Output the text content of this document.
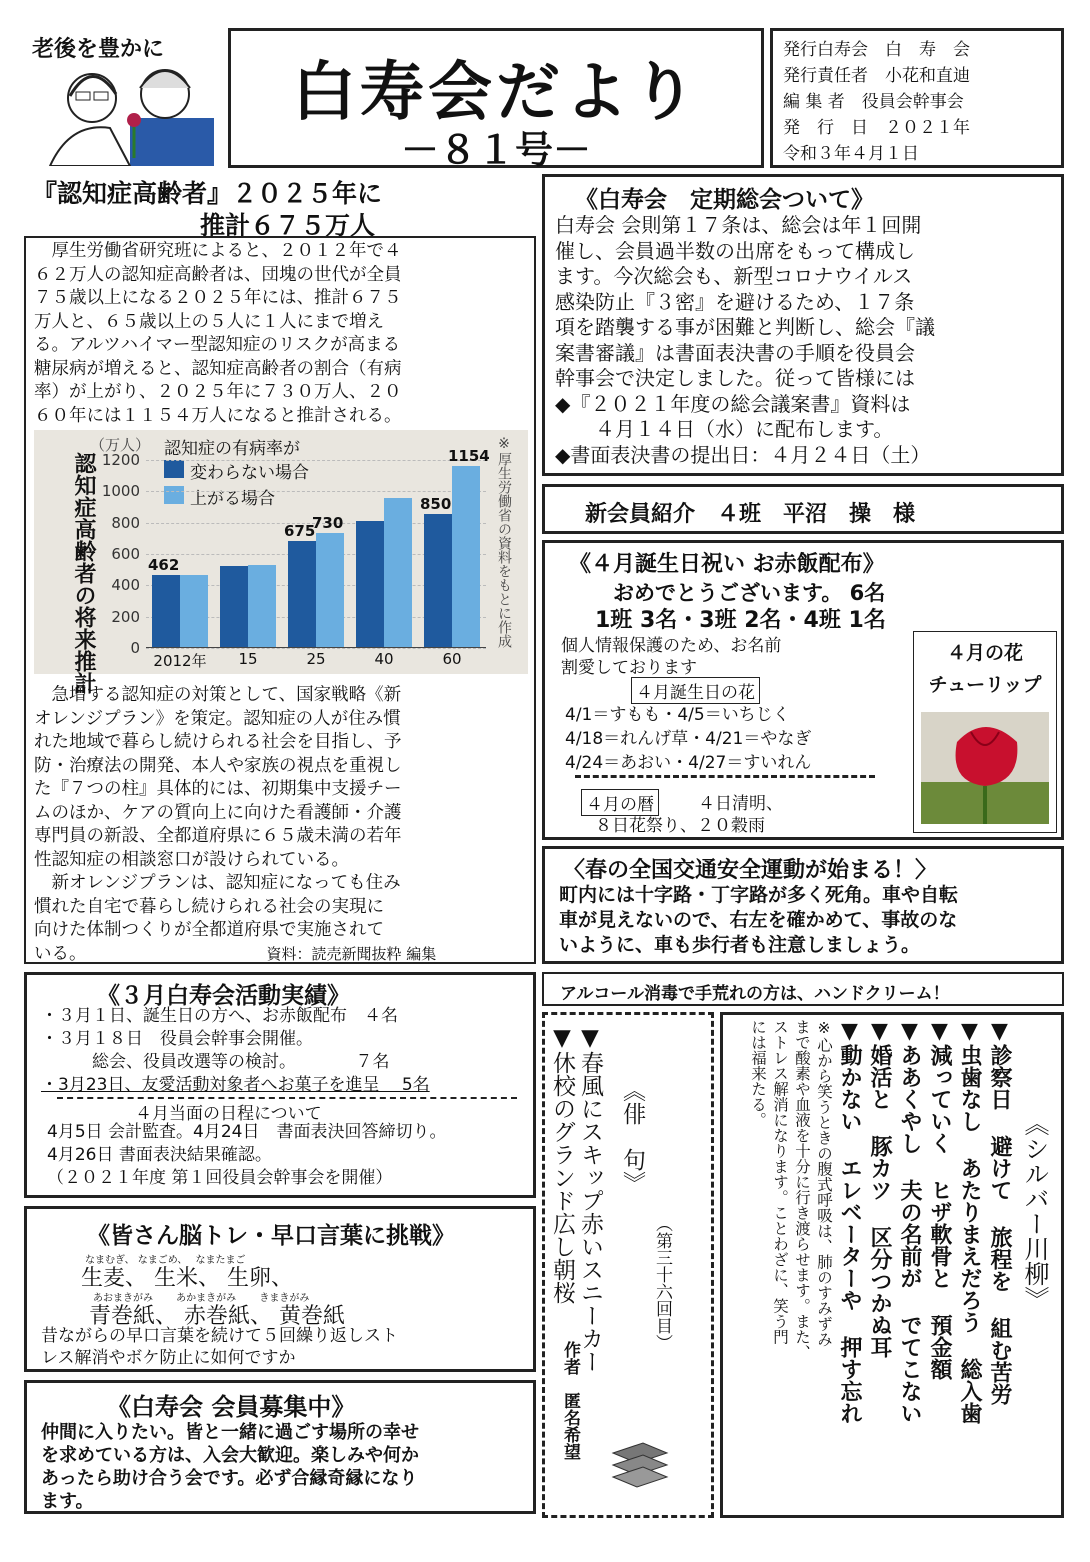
老後を豊かに
白寿会だより
－８１号－

発行白寿会　白　寿　会

発行責任者　小花和直迪

編 集 者　役員会幹事会

発　行　日　２０２１年

令和３年４月１日

『認知症高齢者』２０２５年に
推計６７５万人

　厚生労働省研究班によると、２０１２年で４

６２万人の認知症高齢者は、団塊の世代が全員

７５歳以上になる２０２５年には、推計６７５

万人と、６５歳以上の５人に１人にまで増え

る。アルツハイマー型認知症のリスクが高まる

糖尿病が増えると、認知症高齢者の割合（有病

率）が上がり、２０２５年に７３０万人、２０

６０年には１１５４万人になると推計される。

認知症高齢者の将来推計
（万人） 認知症の有病率が
変わらない場合
上がる場合	※厚生労働省の資料をもとに作成
1200
1000
800
600
400
200
0
462
675
730
850
1154
2012年	15	25	40	60

　急増する認知症の対策として、国家戦略《新

オレンジプラン》を策定。認知症の人が住み慣

れた地域で暮らし続けられる社会を目指し、予

防・治療法の開発、本人や家族の視点を重視し

た『７つの柱』具体的には、初期集中支援チー

ムのほか、ケアの質向上に向けた看護師・介護

専門員の新設、全都道府県に６５歳未満の若年

性認知症の相談窓口が設けられている。

　新オレンジプランは、認知症になっても住み

慣れた自宅で暮らし続けられる社会の実現に

向けた体制つくりが全都道府県で実施されて

いる。	資料：読売新聞抜粋 編集

《白寿会　定期総会ついて》

白寿会 会則第１７条は、総会は年１回開

催し、会員過半数の出席をもって構成し

ます。今次総会も、新型コロナウイルス

感染防止『３密』を避けるため、１７条

項を踏襲する事が困難と判断し、総会『議

案書審議』は書面表決書の手順を役員会

幹事会で決定しました。従って皆様には

◆『２０２１年度の総会議案書』資料は

　　４月１４日（水）に配布します。

◆書面表決書の提出日：４月２４日（土）

新会員紹介　４班　平沼　操　様
《４月誕生日祝い お赤飯配布》
おめでとうございます。 6名
1班 3名・3班 2名・4班 1名
個人情報保護のため、お名前
割愛しております
４月誕生日の花

4/1＝すもも・4/5＝いちじく

4/18＝れんげ草・4/21＝やなぎ

4/24＝あおい・4/27＝すいれん

４月の暦 　４日清明、
８日花祭り、２０穀雨
４月の花
チューリップ
〈春の全国交通安全運動が始まる！〉

町内には十字路・丁字路が多く死角。車や自転

車が見えないので、右左を確かめて、事故のな

いように、車も歩行者も注意しましょう。

《３月白寿会活動実績》

・３月１日、誕生日の方へ、お赤飯配布　４名

・３月１８日　役員会幹事会開催。

　　　総会、役員改選等の検討。　　　　７名

・3月23日、友愛活動対象者へお菓子を進呈　 5名

４月当面の日程について

4月5日 会計監査。4月24日　書面表決回答締切り。

4月26日 書面表決結果確認。

（２０２１年度 第１回役員会幹事会を開催）

《皆さん脳トレ・早口言葉に挑戦》
なまむぎ、 なまごめ、　 なまたまご
生麦、 生米、 生卵、
あおまきがみ　　 あかまきがみ　　 きまきがみ
青巻紙、 赤巻紙、 黄巻紙

昔ながらの早口言葉を続けて５回繰り返しスト

レス解消やボケ防止に如何ですか

《白寿会 会員募集中》

仲間に入りたい。皆と一緒に過ごす場所の幸せ

を求めている方は、入会大歓迎。楽しみや何か

あったら助け合う会です。必ず合縁奇縁になり

ます。

アルコール消毒で手荒れの方は、ハンドクリーム！
▼春風にスキップ赤いスニーカー
▼休校のグランド広し朝桜 《俳　句》
（第三十六回目）
作者　匿名希望
《シルバー川柳》
▼診察日 避けて 旅程を 組む苦労
▼虫歯なし あたりまえだろう 総入歯
▼減っていく ヒザ軟骨と 預金額
▼ああくやし 夫の名前が でてこない
▼婚活と 豚カツ 区分つかぬ耳
▼動かない エレベーターや 押す忘れ
※心から笑うときの腹式呼吸は、肺のすみずみ
まで酸素や血液を十分に行き渡らせます。また、
ストレス解消になります。ことわざに、笑う門
には福来たる。
